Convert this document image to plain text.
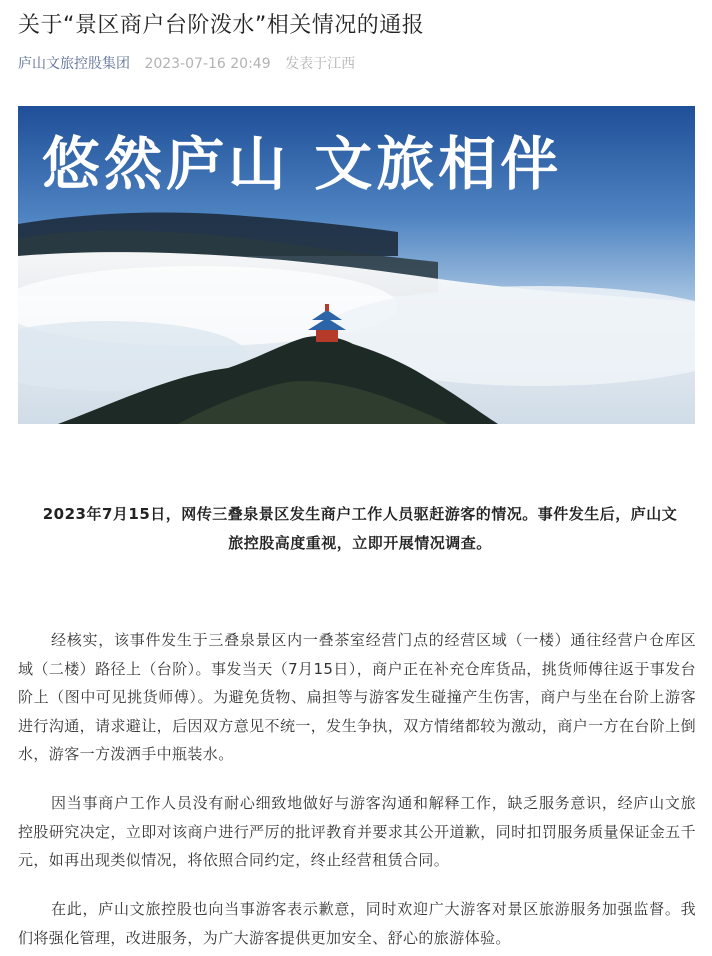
关于“景区商户台阶泼水”相关情况的通报
庐山文旅控股集团 2023-07-16 20:49 发表于江西
悠然庐山 文旅相伴
2023年7月15日，网传三叠泉景区发生商户工作人员驱赶游客的情况。事件发生后，庐山文旅控股高度重视，立即开展情况调查。

经核实，该事件发生于三叠泉景区内一叠茶室经营门点的经营区域（一楼）通往经营户仓库区域（二楼）路径上（台阶）。事发当天（7月15日），商户正在补充仓库货品，挑货师傅往返于事发台阶上（图中可见挑货师傅）。为避免货物、扁担等与游客发生碰撞产生伤害，商户与坐在台阶上游客进行沟通，请求避让，后因双方意见不统一，发生争执，双方情绪都较为激动，商户一方在台阶上倒水，游客一方泼洒手中瓶装水。

因当事商户工作人员没有耐心细致地做好与游客沟通和解释工作，缺乏服务意识，经庐山文旅控股研究决定，立即对该商户进行严厉的批评教育并要求其公开道歉，同时扣罚服务质量保证金五千元，如再出现类似情况，将依照合同约定，终止经营租赁合同。

在此，庐山文旅控股也向当事游客表示歉意，同时欢迎广大游客对景区旅游服务加强监督。我们将强化管理，改进服务，为广大游客提供更加安全、舒心的旅游体验。
